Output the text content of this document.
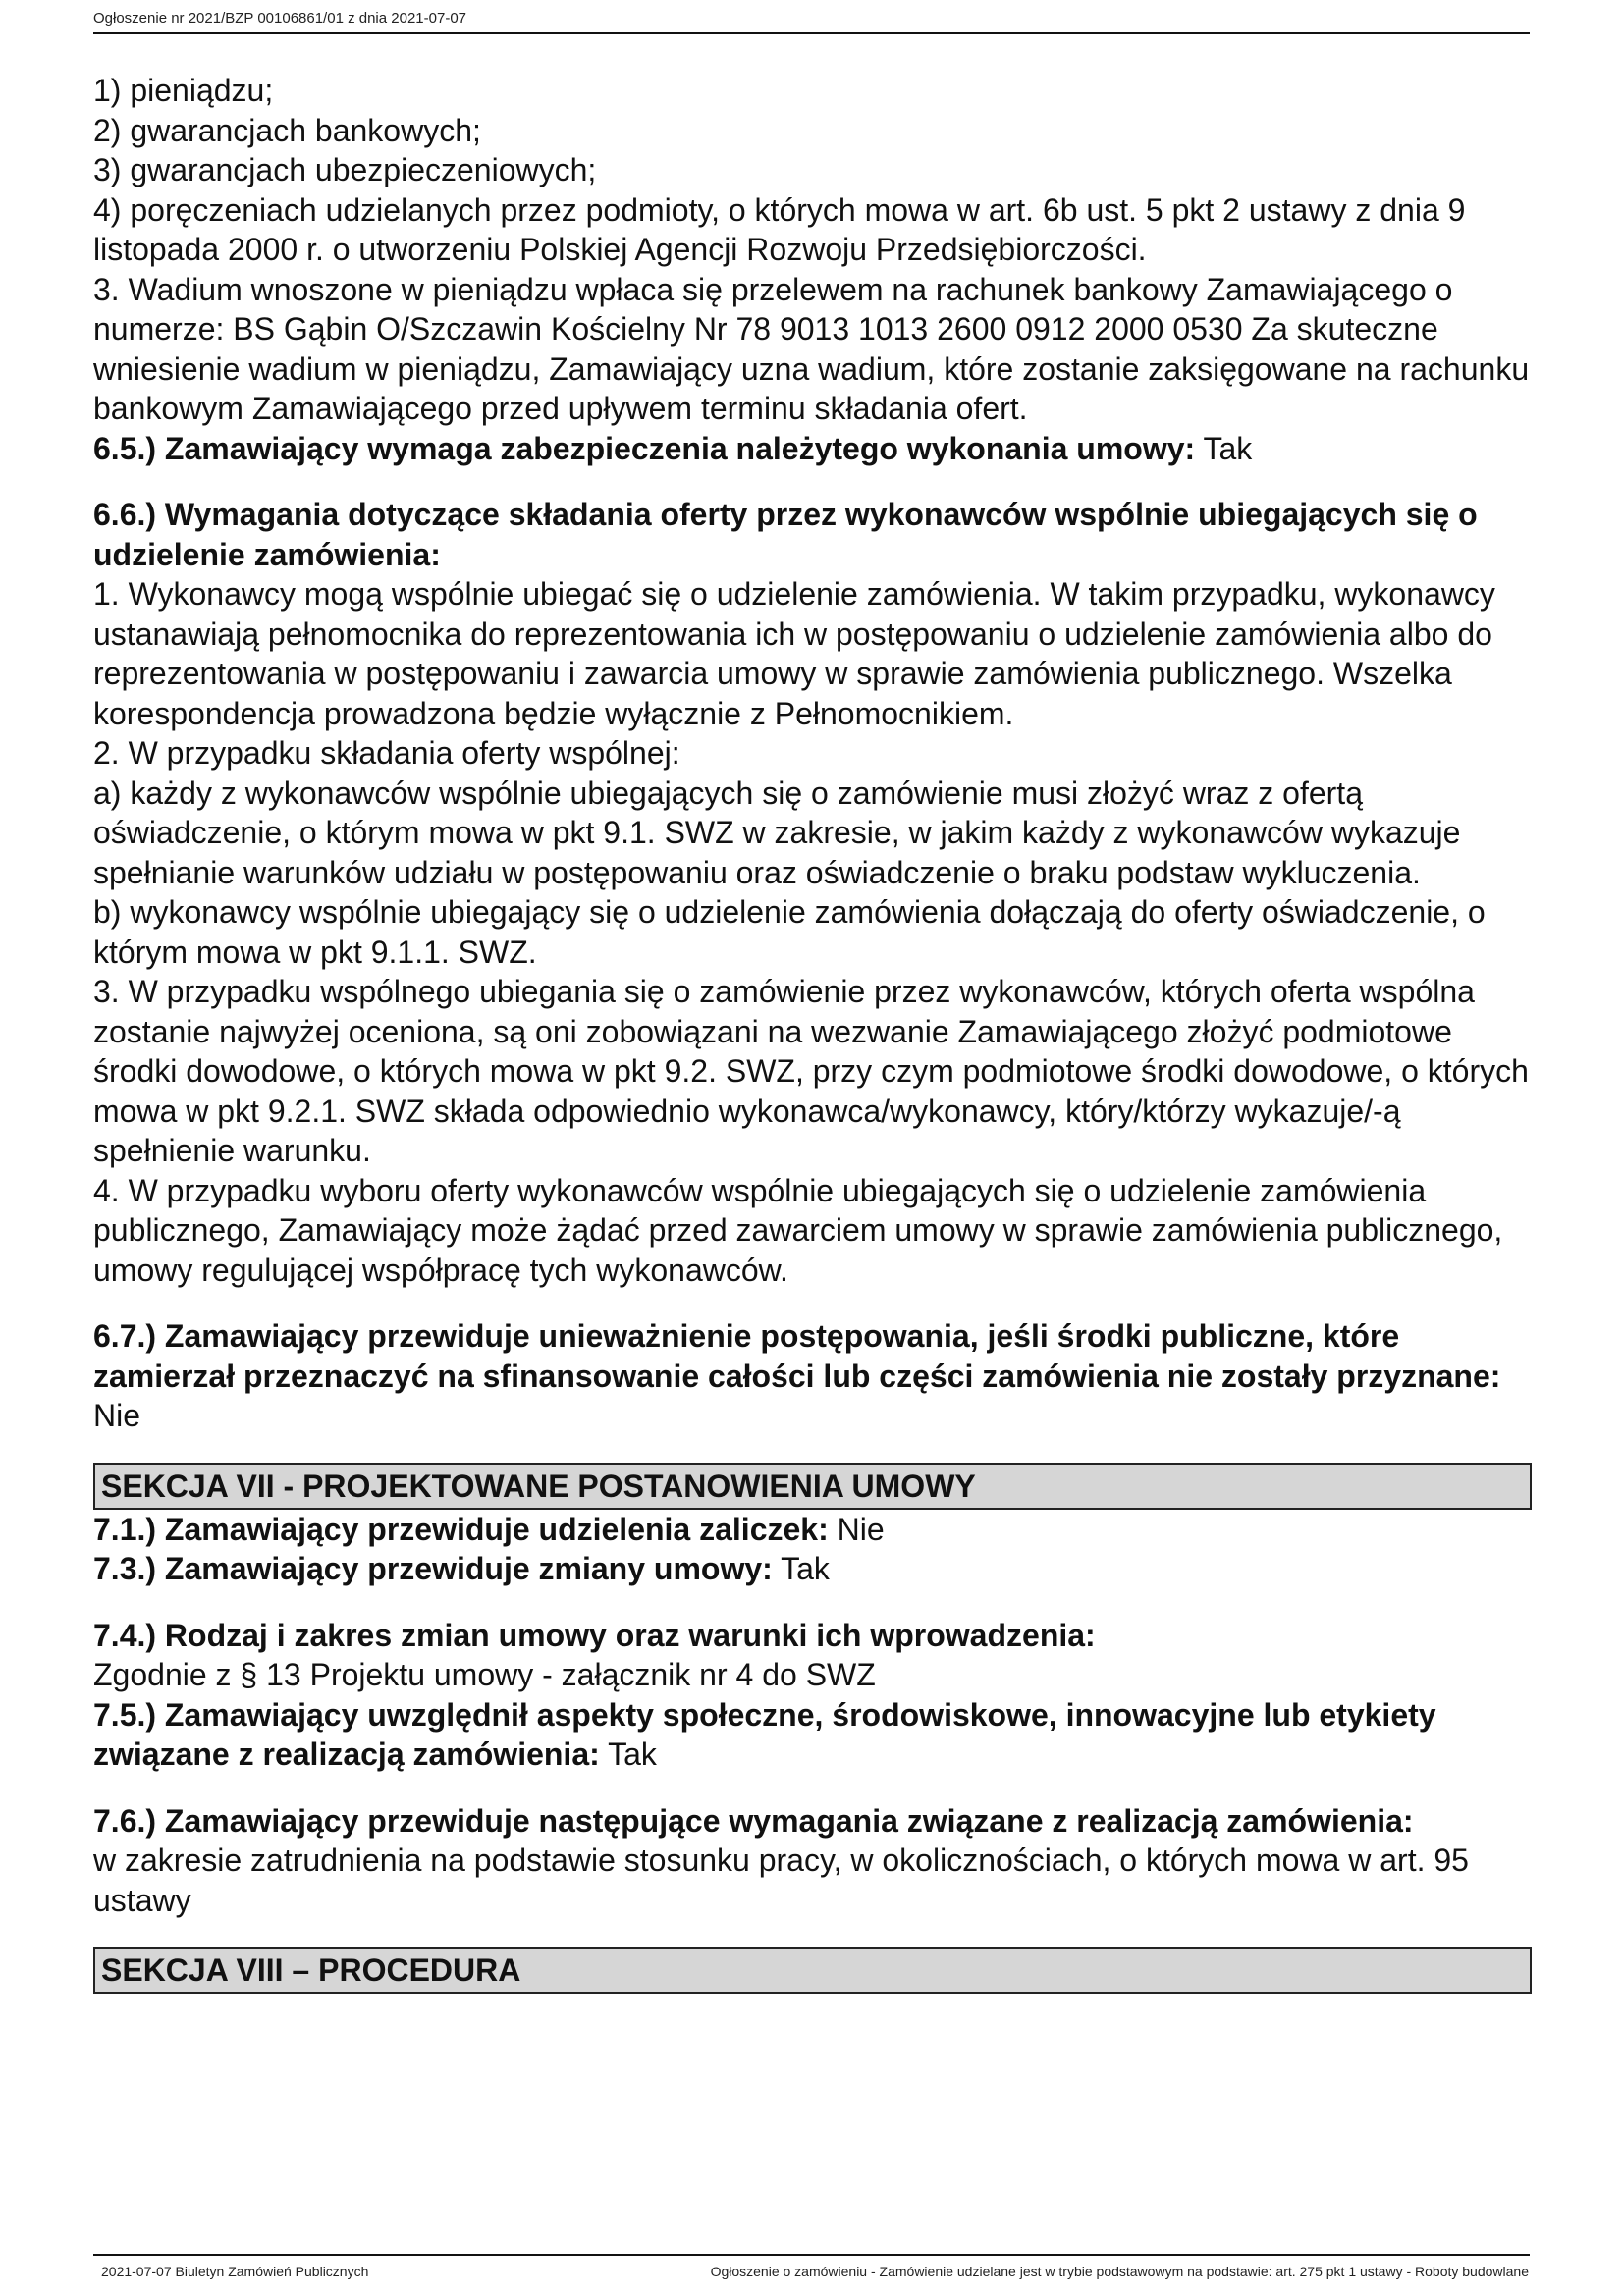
Ogłoszenie nr 2021/BZP 00106861/01 z dnia 2021-07-07

1) pieniądzu;

2) gwarancjach bankowych;

3) gwarancjach ubezpieczeniowych;

4) poręczeniach udzielanych przez podmioty, o których mowa w art. 6b ust. 5 pkt 2 ustawy z dnia 9 listopada 2000 r. o utworzeniu Polskiej Agencji Rozwoju Przedsiębiorczości.

3. Wadium wnoszone w pieniądzu wpłaca się przelewem na rachunek bankowy Zamawiającego o numerze: BS Gąbin O/Szczawin Kościelny Nr 78 9013 1013 2600 0912 2000 0530 Za skuteczne wniesienie wadium w pieniądzu, Zamawiający uzna wadium, które zostanie zaksięgowane na rachunku bankowym Zamawiającego przed upływem terminu składania ofert.

6.5.) Zamawiający wymaga zabezpieczenia należytego wykonania umowy: Tak

6.6.) Wymagania dotyczące składania oferty przez wykonawców wspólnie ubiegających się o udzielenie zamówienia:

1. Wykonawcy mogą wspólnie ubiegać się o udzielenie zamówienia. W takim przypadku, wykonawcy ustanawiają pełnomocnika do reprezentowania ich w postępowaniu o udzielenie zamówienia albo do reprezentowania w postępowaniu i zawarcia umowy w sprawie zamówienia publicznego. Wszelka korespondencja prowadzona będzie wyłącznie z Pełnomocnikiem.

2. W przypadku składania oferty wspólnej:

a) każdy z wykonawców wspólnie ubiegających się o zamówienie musi złożyć wraz z ofertą oświadczenie, o którym mowa w pkt 9.1. SWZ w zakresie, w jakim każdy z wykonawców wykazuje spełnianie warunków udziału w postępowaniu oraz oświadczenie o braku podstaw wykluczenia.

b) wykonawcy wspólnie ubiegający się o udzielenie zamówienia dołączają do oferty oświadczenie, o którym mowa w pkt 9.1.1. SWZ.

3. W przypadku wspólnego ubiegania się o zamówienie przez wykonawców, których oferta wspólna zostanie najwyżej oceniona, są oni zobowiązani na wezwanie Zamawiającego złożyć podmiotowe środki dowodowe, o których mowa w pkt 9.2. SWZ, przy czym podmiotowe środki dowodowe, o których mowa w pkt 9.2.1. SWZ składa odpowiednio wykonawca/wykonawcy, który/którzy wykazuje/-ą spełnienie warunku.

4. W przypadku wyboru oferty wykonawców wspólnie ubiegających się o udzielenie zamówienia publicznego, Zamawiający może żądać przed zawarciem umowy w sprawie zamówienia publicznego, umowy regulującej współpracę tych wykonawców.

6.7.) Zamawiający przewiduje unieważnienie postępowania, jeśli środki publiczne, które zamierzał przeznaczyć na sfinansowanie całości lub części zamówienia nie zostały przyznane:

Nie

SEKCJA VII - PROJEKTOWANE POSTANOWIENIA UMOWY

7.1.) Zamawiający przewiduje udzielenia zaliczek: Nie

7.3.) Zamawiający przewiduje zmiany umowy: Tak

7.4.) Rodzaj i zakres zmian umowy oraz warunki ich wprowadzenia:

Zgodnie z § 13 Projektu umowy - załącznik nr 4 do SWZ

7.5.) Zamawiający uwzględnił aspekty społeczne, środowiskowe, innowacyjne lub etykiety związane z realizacją zamówienia: Tak

7.6.) Zamawiający przewiduje następujące wymagania związane z realizacją zamówienia:

w zakresie zatrudnienia na podstawie stosunku pracy, w okolicznościach, o których mowa w art. 95 ustawy

SEKCJA VIII – PROCEDURA
2021-07-07 Biuletyn Zamówień Publicznych	Ogłoszenie o zamówieniu - Zamówienie udzielane jest w trybie podstawowym na podstawie: art. 275 pkt 1 ustawy - Roboty budowlane
